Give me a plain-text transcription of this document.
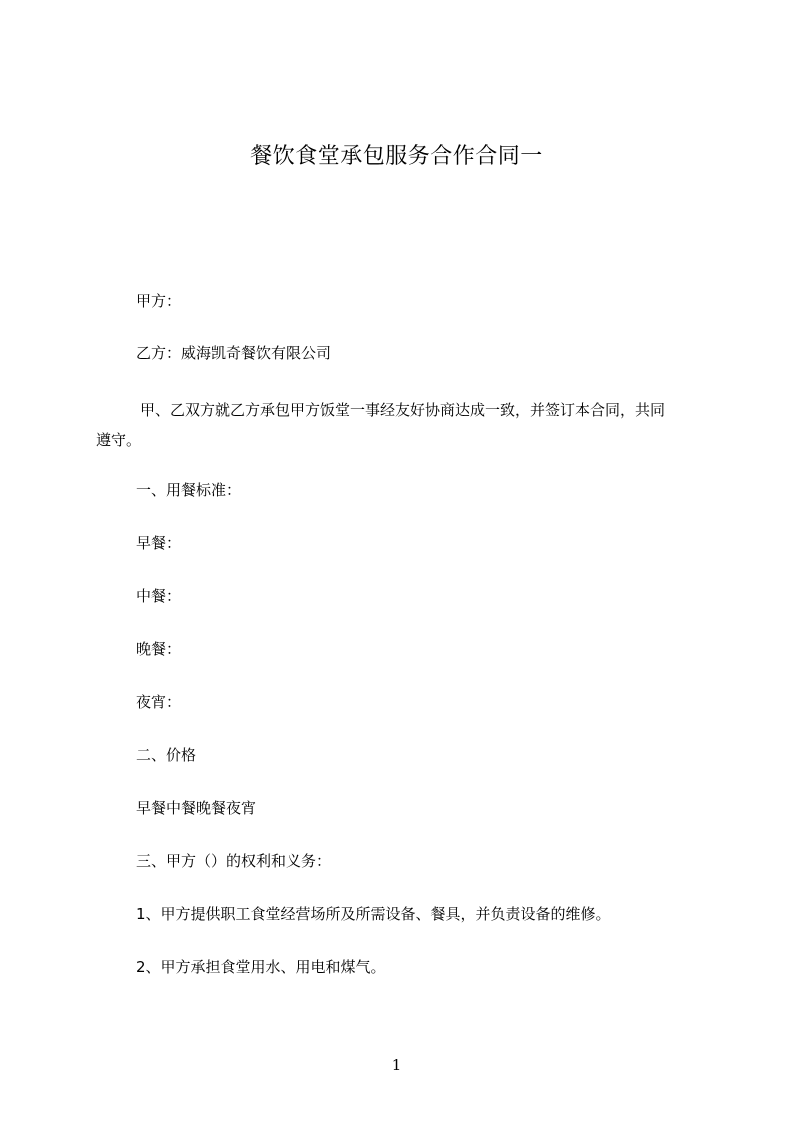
餐饮食堂承包服务合作合同一

甲方：

乙方：威海凯奇餐饮有限公司

甲、乙双方就乙方承包甲方饭堂一事经友好协商达成一致，并签订本合同，共同
遵守。

一、用餐标准：

早餐：

中餐：

晚餐：

夜宵：

二、价格

早餐中餐晚餐夜宵

三、甲方（）的权利和义务：

1、甲方提供职工食堂经营场所及所需设备、餐具，并负责设备的维修。

2、甲方承担食堂用水、用电和煤气。

1
